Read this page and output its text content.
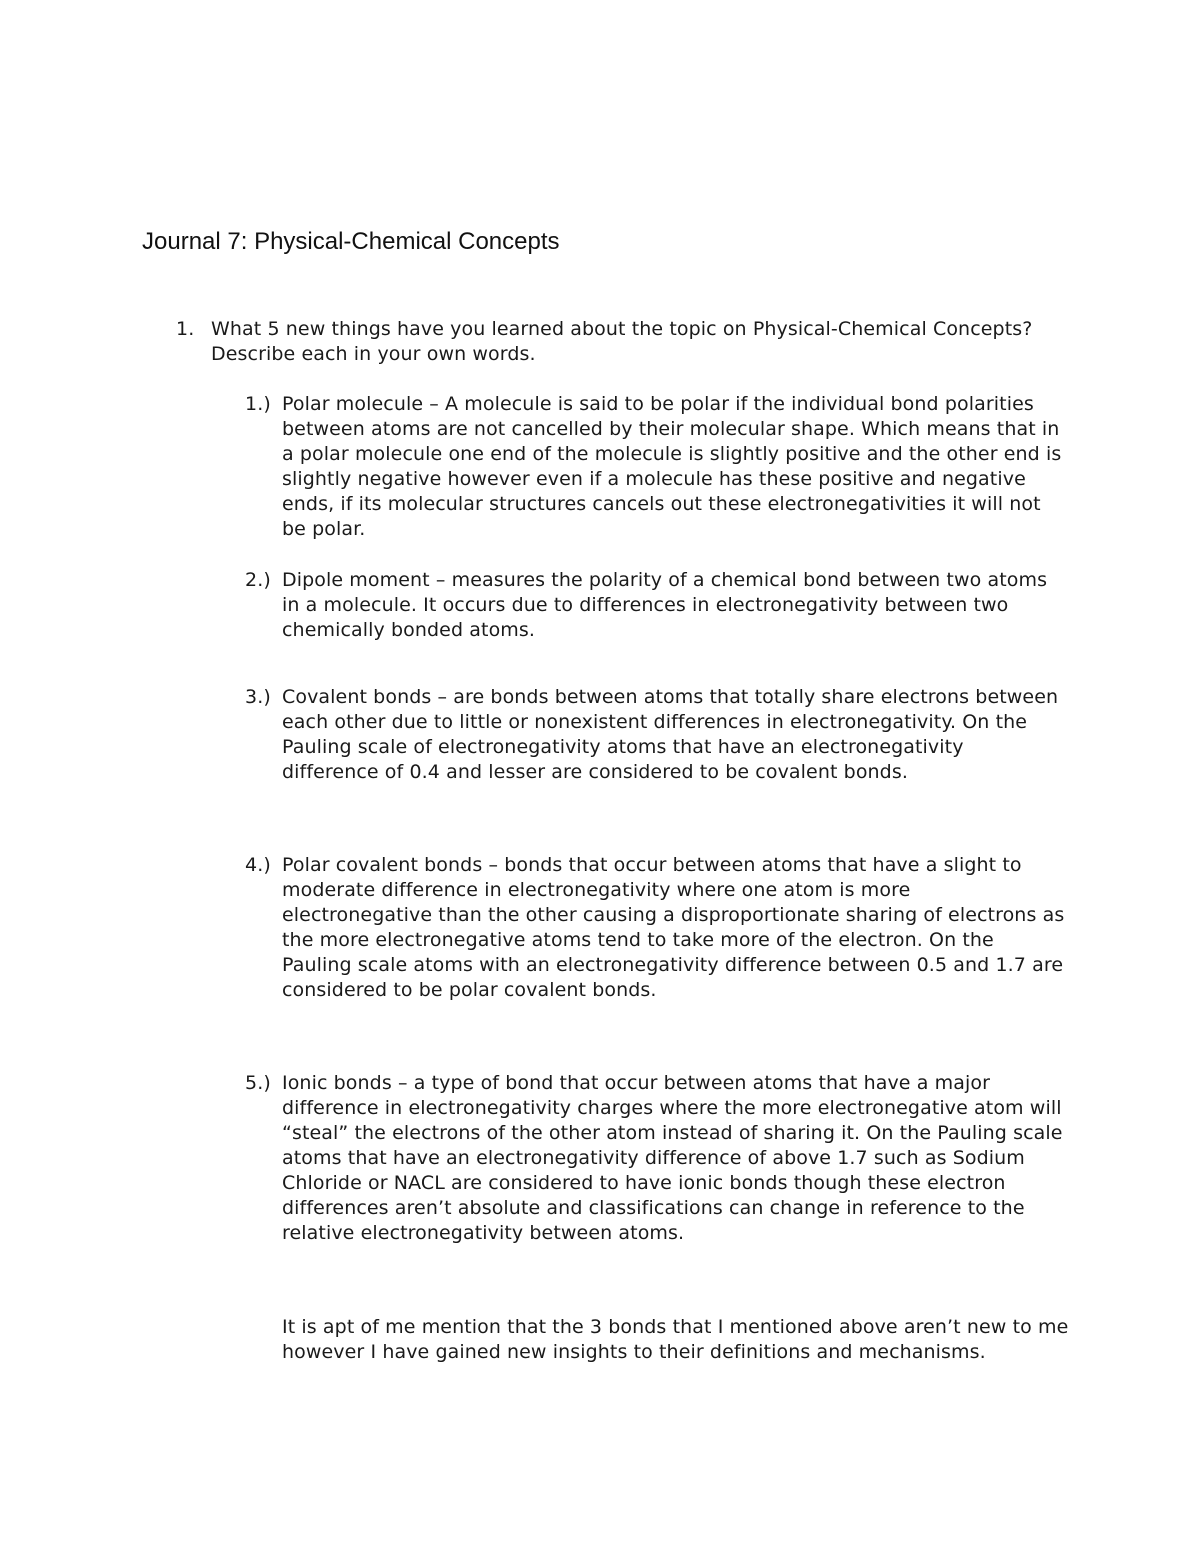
Journal 7: Physical-Chemical Concepts
1. What 5 new things have you learned about the topic on Physical-Chemical Concepts? Describe each in your own words.
1.) Polar molecule – A molecule is said to be polar if the individual bond polarities between atoms are not cancelled by their molecular shape. Which means that in a polar molecule one end of the molecule is slightly positive and the other end is slightly negative however even if a molecule has these positive and negative ends, if its molecular structures cancels out these electronegativities it will not be polar.
2.) Dipole moment – measures the polarity of a chemical bond between two atoms in a molecule. It occurs due to differences in electronegativity between two chemically bonded atoms.
3.) Covalent bonds – are bonds between atoms that totally share electrons between each other due to little or nonexistent differences in electronegativity. On the Pauling scale of electronegativity atoms that have an electronegativity difference of 0.4 and lesser are considered to be covalent bonds.
4.) Polar covalent bonds – bonds that occur between atoms that have a slight to moderate difference in electronegativity where one atom is more electronegative than the other causing a disproportionate sharing of electrons as the more electronegative atoms tend to take more of the electron. On the Pauling scale atoms with an electronegativity difference between 0.5 and 1.7 are considered to be polar covalent bonds.
5.) Ionic bonds – a type of bond that occur between atoms that have a major difference in electronegativity charges where the more electronegative atom will “steal” the electrons of the other atom instead of sharing it. On the Pauling scale atoms that have an electronegativity difference of above 1.7 such as Sodium Chloride or NACL are considered to have ionic bonds though these electron differences aren’t absolute and classifications can change in reference to the relative electronegativity between atoms.
It is apt of me mention that the 3 bonds that I mentioned above aren’t new to me however I have gained new insights to their definitions and mechanisms.
